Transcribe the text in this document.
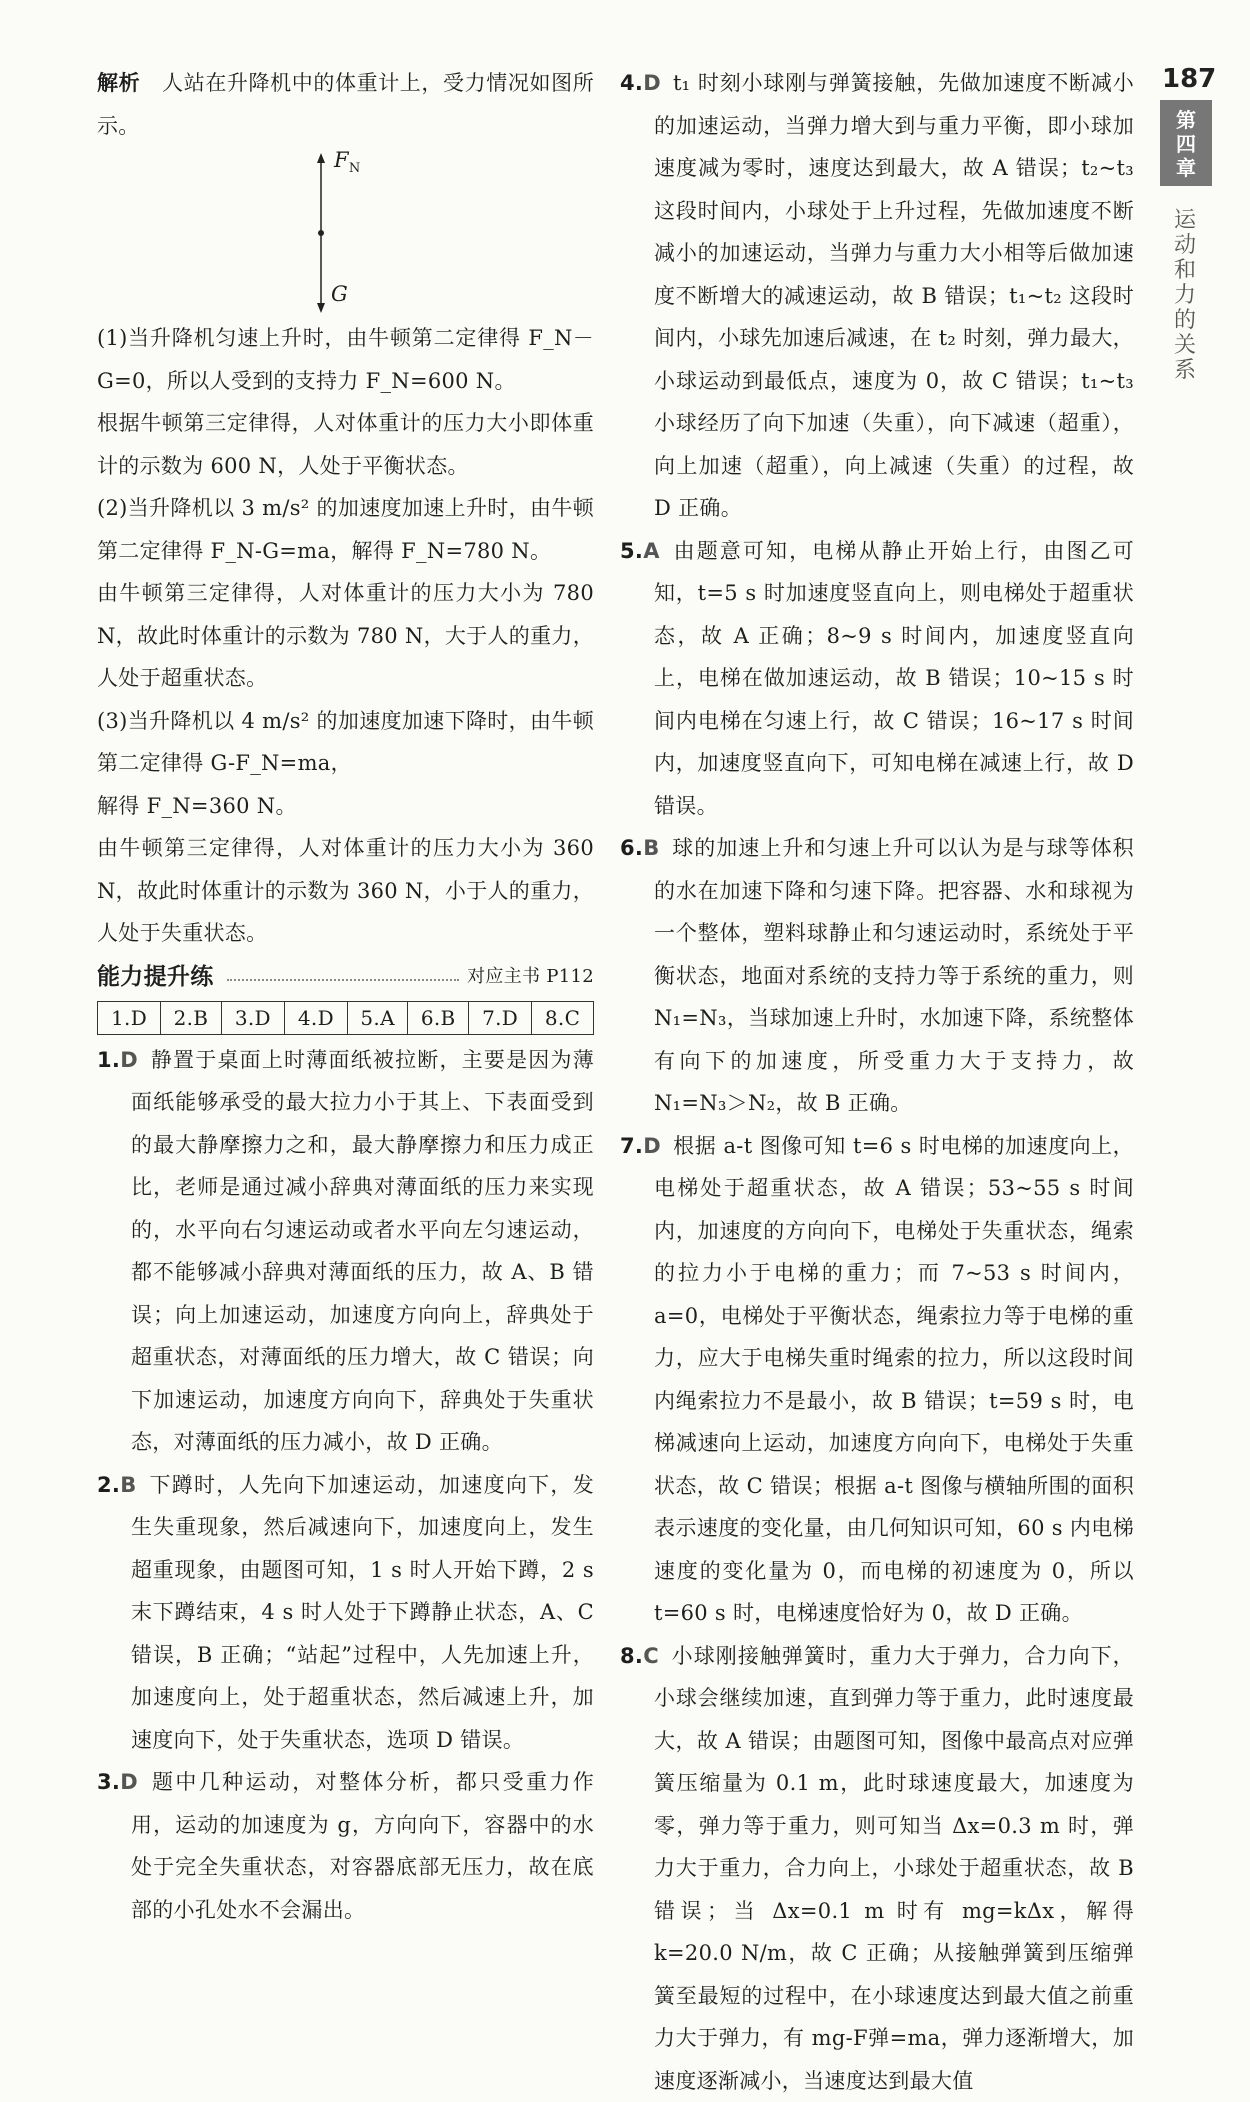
187
第
四
章
运动和力的关系

解析 人站在升降机中的体重计上，受力情况如图所示。

$F_N$
G

(1)当升降机匀速上升时，由牛顿第二定律得 F_N－G=0，所以人受到的支持力 F_N=600 N。

根据牛顿第三定律得，人对体重计的压力大小即体重计的示数为 600 N，人处于平衡状态。

(2)当升降机以 3 m/s² 的加速度加速上升时，由牛顿第二定律得 F_N-G=ma，解得 F_N=780 N。

由牛顿第三定律得，人对体重计的压力大小为 780 N，故此时体重计的示数为 780 N，大于人的重力，人处于超重状态。

(3)当升降机以 4 m/s² 的加速度加速下降时，由牛顿第二定律得 G-F_N=ma，

解得 F_N=360 N。

由牛顿第三定律得，人对体重计的压力大小为 360 N，故此时体重计的示数为 360 N，小于人的重力，人处于失重状态。

能力提升练	对应主书 P112
1.D	2.B	3.D	4.D	5.A	6.B	7.D	8.C

1.D 静置于桌面上时薄面纸被拉断，主要是因为薄面纸能够承受的最大拉力小于其上、下表面受到的最大静摩擦力之和，最大静摩擦力和压力成正比，老师是通过减小辞典对薄面纸的压力来实现的，水平向右匀速运动或者水平向左匀速运动，都不能够减小辞典对薄面纸的压力，故 A、B 错误；向上加速运动，加速度方向向上，辞典处于超重状态，对薄面纸的压力增大，故 C 错误；向下加速运动，加速度方向向下，辞典处于失重状态，对薄面纸的压力减小，故 D 正确。

2.B 下蹲时，人先向下加速运动，加速度向下，发生失重现象，然后减速向下，加速度向上，发生超重现象，由题图可知，1 s 时人开始下蹲，2 s 末下蹲结束，4 s 时人处于下蹲静止状态，A、C 错误，B 正确；“站起”过程中，人先加速上升，加速度向上，处于超重状态，然后减速上升，加速度向下，处于失重状态，选项 D 错误。

3.D 题中几种运动，对整体分析，都只受重力作用，运动的加速度为 g，方向向下，容器中的水处于完全失重状态，对容器底部无压力，故在底部的小孔处水不会漏出。

4.D t₁ 时刻小球刚与弹簧接触，先做加速度不断减小的加速运动，当弹力增大到与重力平衡，即小球加速度减为零时，速度达到最大，故 A 错误；t₂~t₃ 这段时间内，小球处于上升过程，先做加速度不断减小的加速运动，当弹力与重力大小相等后做加速度不断增大的减速运动，故 B 错误；t₁~t₂ 这段时间内，小球先加速后减速，在 t₂ 时刻，弹力最大，小球运动到最低点，速度为 0，故 C 错误；t₁~t₃ 小球经历了向下加速（失重），向下减速（超重），向上加速（超重），向上减速（失重）的过程，故 D 正确。

5.A 由题意可知，电梯从静止开始上行，由图乙可知，t=5 s 时加速度竖直向上，则电梯处于超重状态，故 A 正确；8~9 s 时间内，加速度竖直向上，电梯在做加速运动，故 B 错误；10~15 s 时间内电梯在匀速上行，故 C 错误；16~17 s 时间内，加速度竖直向下，可知电梯在减速上行，故 D 错误。

6.B 球的加速上升和匀速上升可以认为是与球等体积的水在加速下降和匀速下降。把容器、水和球视为一个整体，塑料球静止和匀速运动时，系统处于平衡状态，地面对系统的支持力等于系统的重力，则 N₁=N₃，当球加速上升时，水加速下降，系统整体有向下的加速度，所受重力大于支持力，故 N₁=N₃＞N₂，故 B 正确。

7.D 根据 a-t 图像可知 t=6 s 时电梯的加速度向上，电梯处于超重状态，故 A 错误；53~55 s 时间内，加速度的方向向下，电梯处于失重状态，绳索的拉力小于电梯的重力；而 7~53 s 时间内，a=0，电梯处于平衡状态，绳索拉力等于电梯的重力，应大于电梯失重时绳索的拉力，所以这段时间内绳索拉力不是最小，故 B 错误；t=59 s 时，电梯减速向上运动，加速度方向向下，电梯处于失重状态，故 C 错误；根据 a-t 图像与横轴所围的面积表示速度的变化量，由几何知识可知，60 s 内电梯速度的变化量为 0，而电梯的初速度为 0，所以 t=60 s 时，电梯速度恰好为 0，故 D 正确。

8.C 小球刚接触弹簧时，重力大于弹力，合力向下，小球会继续加速，直到弹力等于重力，此时速度最大，故 A 错误；由题图可知，图像中最高点对应弹簧压缩量为 0.1 m，此时球速度最大，加速度为零，弹力等于重力，则可知当 Δx=0.3 m 时，弹力大于重力，合力向上，小球处于超重状态，故 B 错误；当 Δx=0.1 m 时有 mg=kΔx，解得 k=20.0 N/m，故 C 正确；从接触弹簧到压缩弹簧至最短的过程中，在小球速度达到最大值之前重力大于弹力，有 mg-F弹=ma，弹力逐渐增大，加速度逐渐减小，当速度达到最大值
